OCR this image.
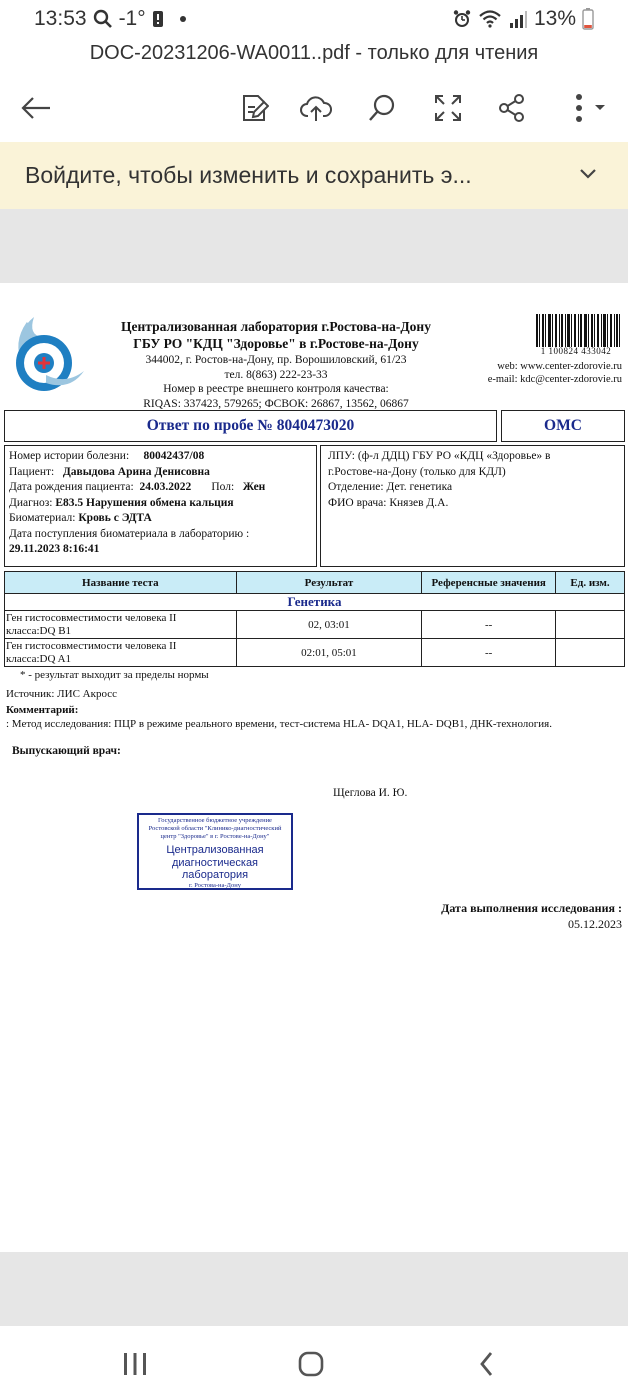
13:53 -1°	13%
DOC-20231206-WA0011..pdf - только для чтения
Войдите, чтобы изменить и сохранить э...
Централизованная лаборатория г.Ростова-на-Дону
ГБУ РО "КДЦ "Здоровье" в г.Ростове-на-Дону
344002, г. Ростов-на-Дону, пр. Ворошиловский, 61/23
тел. 8(863) 222-23-33
Номер в реестре внешнего контроля качества:
RIQAS: 337423, 579265; ФСВОК: 26867, 13562, 06867
1 100824 433042
web: www.center-zdorovie.ru
e-mail: kdc@center-zdorovie.ru
Ответ по пробе № 8040473020	ОМС
Номер истории болезни: 80042437/08
Пациент: Давыдова Арина Денисовна
Дата рождения пациента: 24.03.2022 Пол: Жен
Диагноз: E83.5 Нарушения обмена кальция
Биоматериал: Кровь с ЭДТА
Дата поступления биоматериала в лабораторию :
29.11.2023 8:16:41
ЛПУ: (ф-л ДДЦ) ГБУ РО «КДЦ «Здоровье» в
г.Ростове-на-Дону (только для КДЛ)
Отделение: Дет. генетика
ФИО врача: Князев Д.А.
Название теста	Результат	Референсные значения	Ед. изм.
Генетика			

Ген гистосовместимости человека II
класса:DQ B1	02, 03:01	--	

Ген гистосовместимости человека II
класса:DQ A1	02:01, 05:01	--	
* - результат выходит за пределы нормы
Источник: ЛИС Акросс
Комментарий:
: Метод исследования: ПЦР в режиме реального времени, тест-система HLA- DQA1, HLA- DQB1, ДНК-технология.
Выпускающий врач:
Щеглова И. Ю.
Государственное бюджетное учреждение
Ростовской области "Клинико-диагностический
центр "Здоровье" в г. Ростове-на-Дону"
Централизованная
диагностическая
лаборатория
г. Ростова-на-Дону
Дата выполнения исследования :
05.12.2023
